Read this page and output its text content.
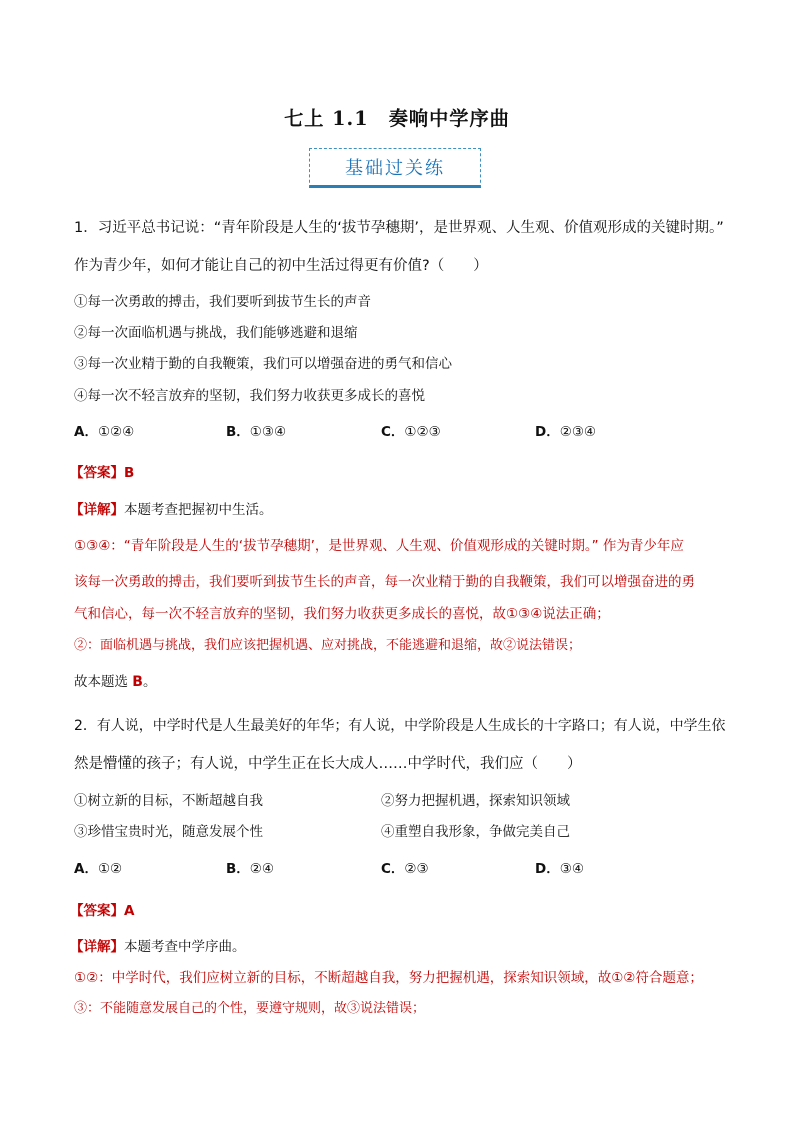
七上 1.1　奏响中学序曲
基础过关练
1．习近平总书记说：“青年阶段是人生的‘拔节孕穗期’，是世界观、人生观、价值观形成的关键时期。”
作为青少年，如何才能让自己的初中生活过得更有价值?（　　）
①每一次勇敢的搏击，我们要听到拔节生长的声音
②每一次面临机遇与挑战，我们能够逃避和退缩
③每一次业精于勤的自我鞭策，我们可以增强奋进的勇气和信心
④每一次不轻言放弃的坚韧，我们努力收获更多成长的喜悦
A．①②④	B．①③④	C．①②③	D．②③④
【答案】B
【详解】本题考查把握初中生活。
①③④：“青年阶段是人生的‘拔节孕穗期’，是世界观、人生观、价值观形成的关键时期。” 作为青少年应
该每一次勇敢的搏击，我们要听到拔节生长的声音，每一次业精于勤的自我鞭策，我们可以增强奋进的勇
气和信心，每一次不轻言放弃的坚韧，我们努力收获更多成长的喜悦，故①③④说法正确；
②：面临机遇与挑战，我们应该把握机遇、应对挑战，不能逃避和退缩，故②说法错误；
故本题选 B。
2．有人说，中学时代是人生最美好的年华；有人说，中学阶段是人生成长的十字路口；有人说，中学生依
然是懵懂的孩子；有人说，中学生正在长大成人……中学时代，我们应（　　）
①树立新的目标，不断超越自我	②努力把握机遇，探索知识领域
③珍惜宝贵时光，随意发展个性	④重塑自我形象，争做完美自己
A．①②	B．②④	C．②③	D．③④
【答案】A
【详解】本题考查中学序曲。
①②：中学时代，我们应树立新的目标，不断超越自我，努力把握机遇，探索知识领域，故①②符合题意；
③：不能随意发展自己的个性，要遵守规则，故③说法错误；
